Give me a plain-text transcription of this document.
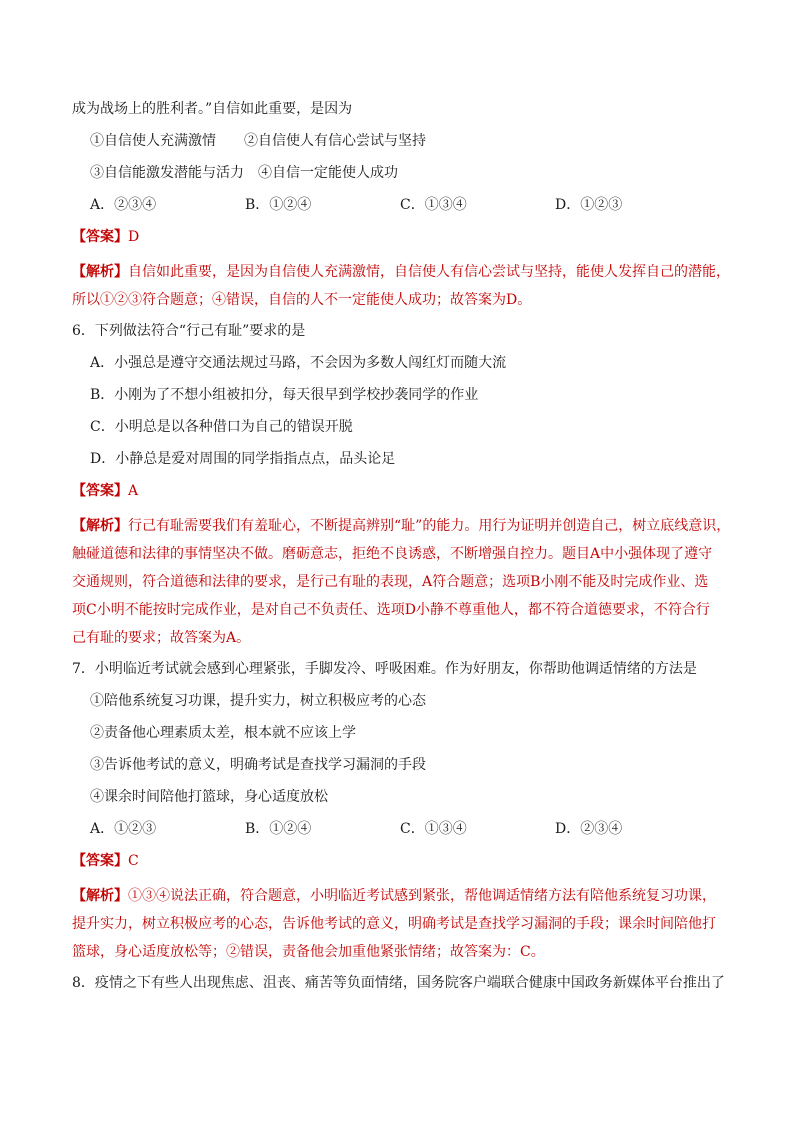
成为战场上的胜利者。”自信如此重要，是因为
①自信使人充满激情　　②自信使人有信心尝试与坚持
③自信能激发潜能与活力　④自信一定能使人成功
A．②③④	B．①②④	C．①③④	D．①②③
【答案】D
【解析】自信如此重要，是因为自信使人充满激情，自信使人有信心尝试与坚持，能使人发挥自己的潜能，
所以①②③符合题意；④错误，自信的人不一定能使人成功；故答案为D。
6．下列做法符合“行己有耻”要求的是
A．小强总是遵守交通法规过马路，不会因为多数人闯红灯而随大流
B．小刚为了不想小组被扣分，每天很早到学校抄袭同学的作业
C．小明总是以各种借口为自己的错误开脱
D．小静总是爱对周围的同学指指点点，品头论足
【答案】A
【解析】行己有耻需要我们有羞耻心，不断提高辨别“耻”的能力。用行为证明并创造自己，树立底线意识，
触碰道德和法律的事情坚决不做。磨砺意志，拒绝不良诱惑，不断增强自控力。题目A中小强体现了遵守
交通规则，符合道德和法律的要求，是行己有耻的表现，A符合题意；选项B小刚不能及时完成作业、选
项C小明不能按时完成作业，是对自己不负责任、选项D小静不尊重他人，都不符合道德要求，不符合行
己有耻的要求；故答案为A。
7．小明临近考试就会感到心理紧张，手脚发冷、呼吸困难。作为好朋友，你帮助他调适情绪的方法是
①陪他系统复习功课，提升实力，树立积极应考的心态
②责备他心理素质太差，根本就不应该上学
③告诉他考试的意义，明确考试是查找学习漏洞的手段
④课余时间陪他打篮球，身心适度放松
A．①②③	B．①②④	C．①③④	D．②③④
【答案】C
【解析】①③④说法正确，符合题意，小明临近考试感到紧张，帮他调适情绪方法有陪他系统复习功课，
提升实力，树立积极应考的心态，告诉他考试的意义，明确考试是查找学习漏洞的手段；课余时间陪他打
篮球，身心适度放松等；②错误，责备他会加重他紧张情绪；故答案为：C。
8．疫情之下有些人出现焦虑、沮丧、痛苦等负面情绪，国务院客户端联合健康中国政务新媒体平台推出了
